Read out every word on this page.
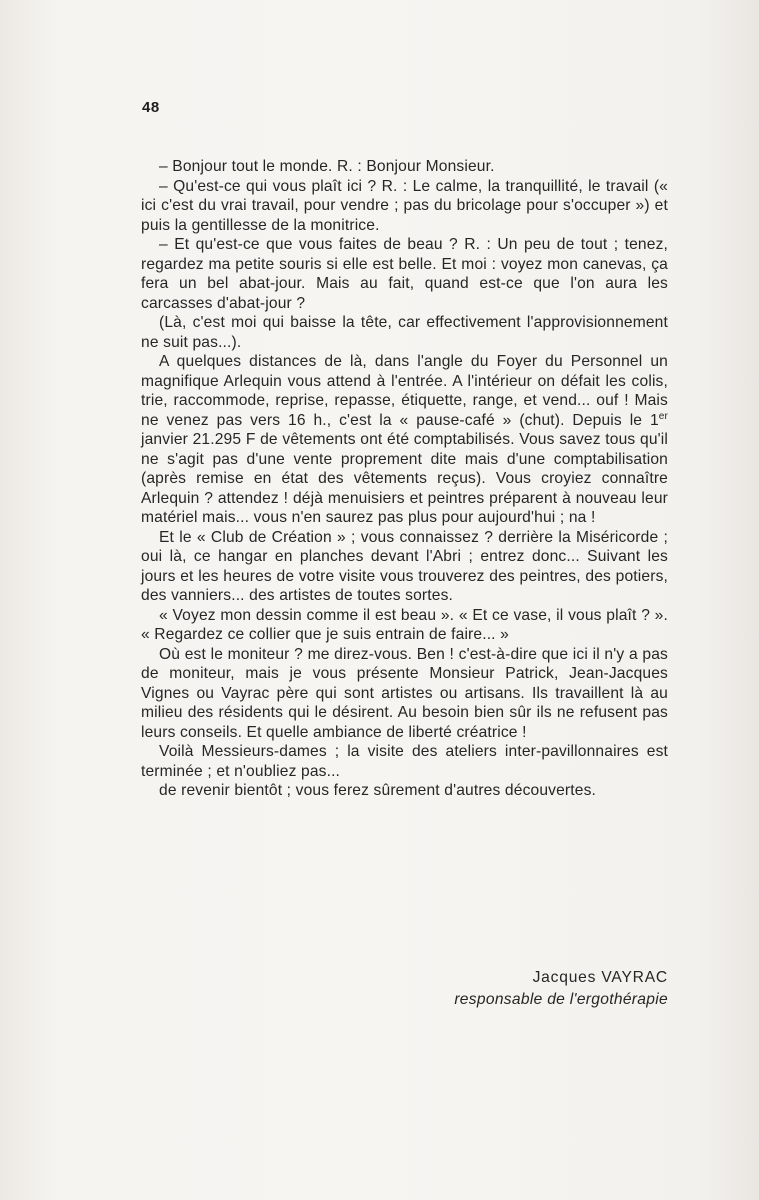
48

– Bonjour tout le monde. R. : Bonjour Monsieur.

– Qu'est-ce qui vous plaît ici ? R. : Le calme, la tranquillité, le travail (« ici c'est du vrai travail, pour vendre ; pas du bricolage pour s'occuper ») et puis la gentillesse de la monitrice.

– Et qu'est-ce que vous faites de beau ? R. : Un peu de tout ; tenez, regardez ma petite souris si elle est belle. Et moi : voyez mon canevas, ça fera un bel abat-jour. Mais au fait, quand est-ce que l'on aura les carcasses d'abat-jour ?

(Là, c'est moi qui baisse la tête, car effectivement l'approvisionnement ne suit pas...).

A quelques distances de là, dans l'angle du Foyer du Personnel un magnifique Arlequin vous attend à l'entrée. A l'intérieur on défait les colis, trie, raccommode, reprise, repasse, étiquette, range, et vend... ouf ! Mais ne venez pas vers 16 h., c'est la « pause-café » (chut). Depuis le 1er janvier 21.295 F de vêtements ont été comptabilisés. Vous savez tous qu'il ne s'agit pas d'une vente proprement dite mais d'une comptabilisation (après remise en état des vêtements reçus). Vous croyiez connaître Arlequin ? attendez ! déjà menuisiers et peintres préparent à nouveau leur matériel mais... vous n'en saurez pas plus pour aujourd'hui ; na !

Et le « Club de Création » ; vous connaissez ? derrière la Miséricorde ; oui là, ce hangar en planches devant l'Abri ; entrez donc... Suivant les jours et les heures de votre visite vous trouverez des peintres, des potiers, des vanniers... des artistes de toutes sortes.

« Voyez mon dessin comme il est beau ». « Et ce vase, il vous plaît ? ». « Regardez ce collier que je suis entrain de faire... »

Où est le moniteur ? me direz-vous. Ben ! c'est-à-dire que ici il n'y a pas de moniteur, mais je vous présente Monsieur Patrick, Jean-Jacques Vignes ou Vayrac père qui sont artistes ou artisans. Ils travaillent là au milieu des résidents qui le désirent. Au besoin bien sûr ils ne refusent pas leurs conseils. Et quelle ambiance de liberté créatrice !

Voilà Messieurs-dames ; la visite des ateliers inter-pavillonnaires est terminée ; et n'oubliez pas...

de revenir bientôt ; vous ferez sûrement d'autres découvertes.

Jacques VAYRAC
responsable de l'ergothérapie
